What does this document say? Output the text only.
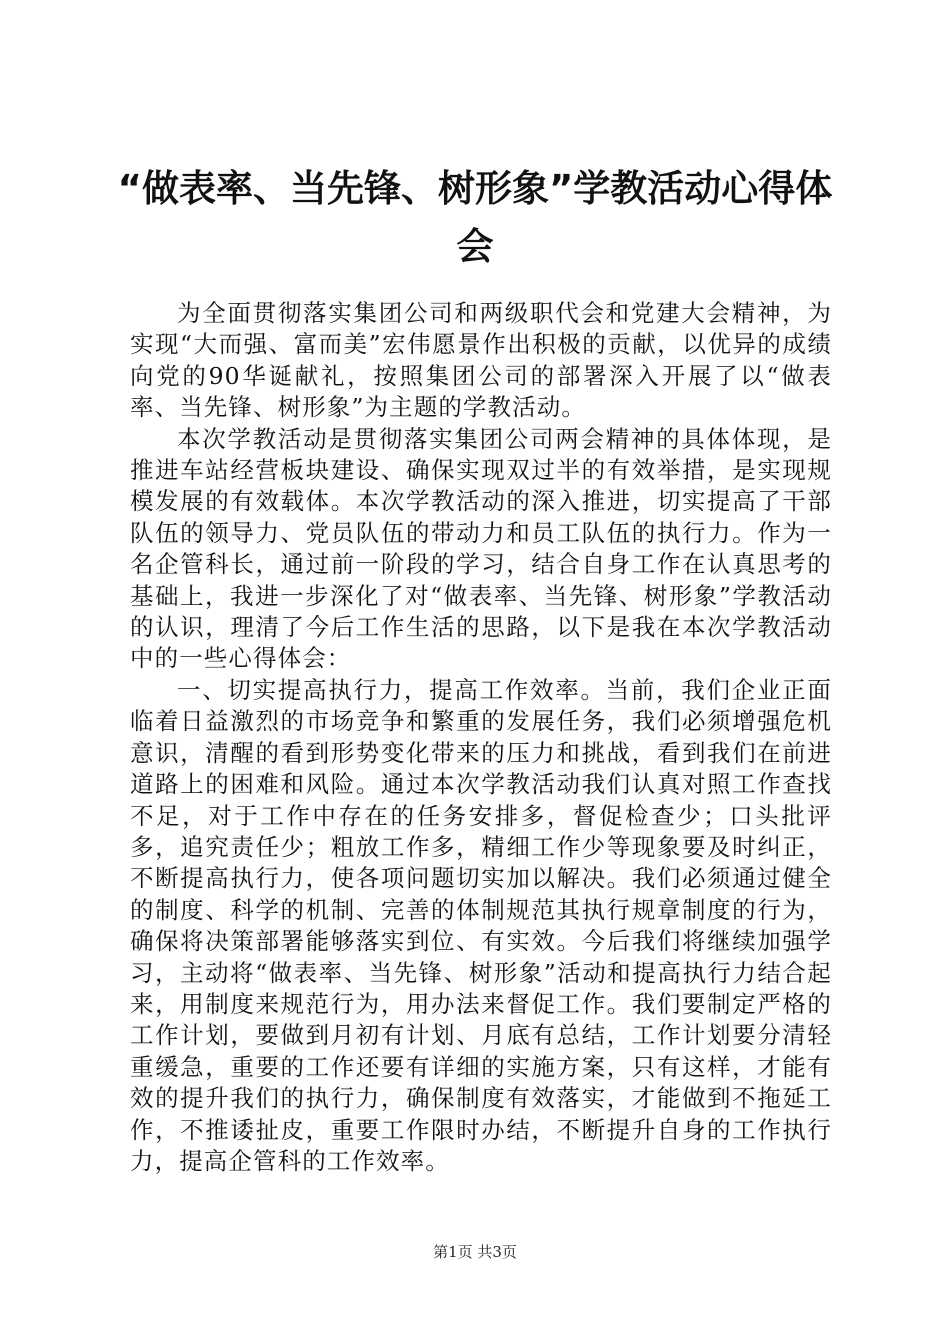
“做表率、当先锋、树形象”学教活动心得体会

为全面贯彻落实集团公司和两级职代会和党建大会精神，为实现“大而强、富而美”宏伟愿景作出积极的贡献，以优异的成绩向党的90华诞献礼，按照集团公司的部署深入开展了以“做表率、当先锋、树形象”为主题的学教活动。

本次学教活动是贯彻落实集团公司两会精神的具体体现，是推进车站经营板块建设、确保实现双过半的有效举措，是实现规模发展的有效载体。本次学教活动的深入推进，切实提高了干部队伍的领导力、党员队伍的带动力和员工队伍的执行力。作为一名企管科长，通过前一阶段的学习，结合自身工作在认真思考的基础上，我进一步深化了对“做表率、当先锋、树形象”学教活动的认识，理清了今后工作生活的思路，以下是我在本次学教活动中的一些心得体会：

一、切实提高执行力，提高工作效率。当前，我们企业正面临着日益激烈的市场竞争和繁重的发展任务，我们必须增强危机意识，清醒的看到形势变化带来的压力和挑战，看到我们在前进道路上的困难和风险。通过本次学教活动我们认真对照工作查找不足，对于工作中存在的任务安排多，督促检查少；口头批评多，追究责任少；粗放工作多，精细工作少等现象要及时纠正，不断提高执行力，使各项问题切实加以解决。我们必须通过健全的制度、科学的机制、完善的体制规范其执行规章制度的行为，确保将决策部署能够落实到位、有实效。今后我们将继续加强学习，主动将“做表率、当先锋、树形象”活动和提高执行力结合起来，用制度来规范行为，用办法来督促工作。我们要制定严格的工作计划，要做到月初有计划、月底有总结，工作计划要分清轻重缓急，重要的工作还要有详细的实施方案，只有这样，才能有效的提升我们的执行力，确保制度有效落实，才能做到不拖延工作，不推诿扯皮，重要工作限时办结，不断提升自身的工作执行力，提高企管科的工作效率。

第1页 共3页
